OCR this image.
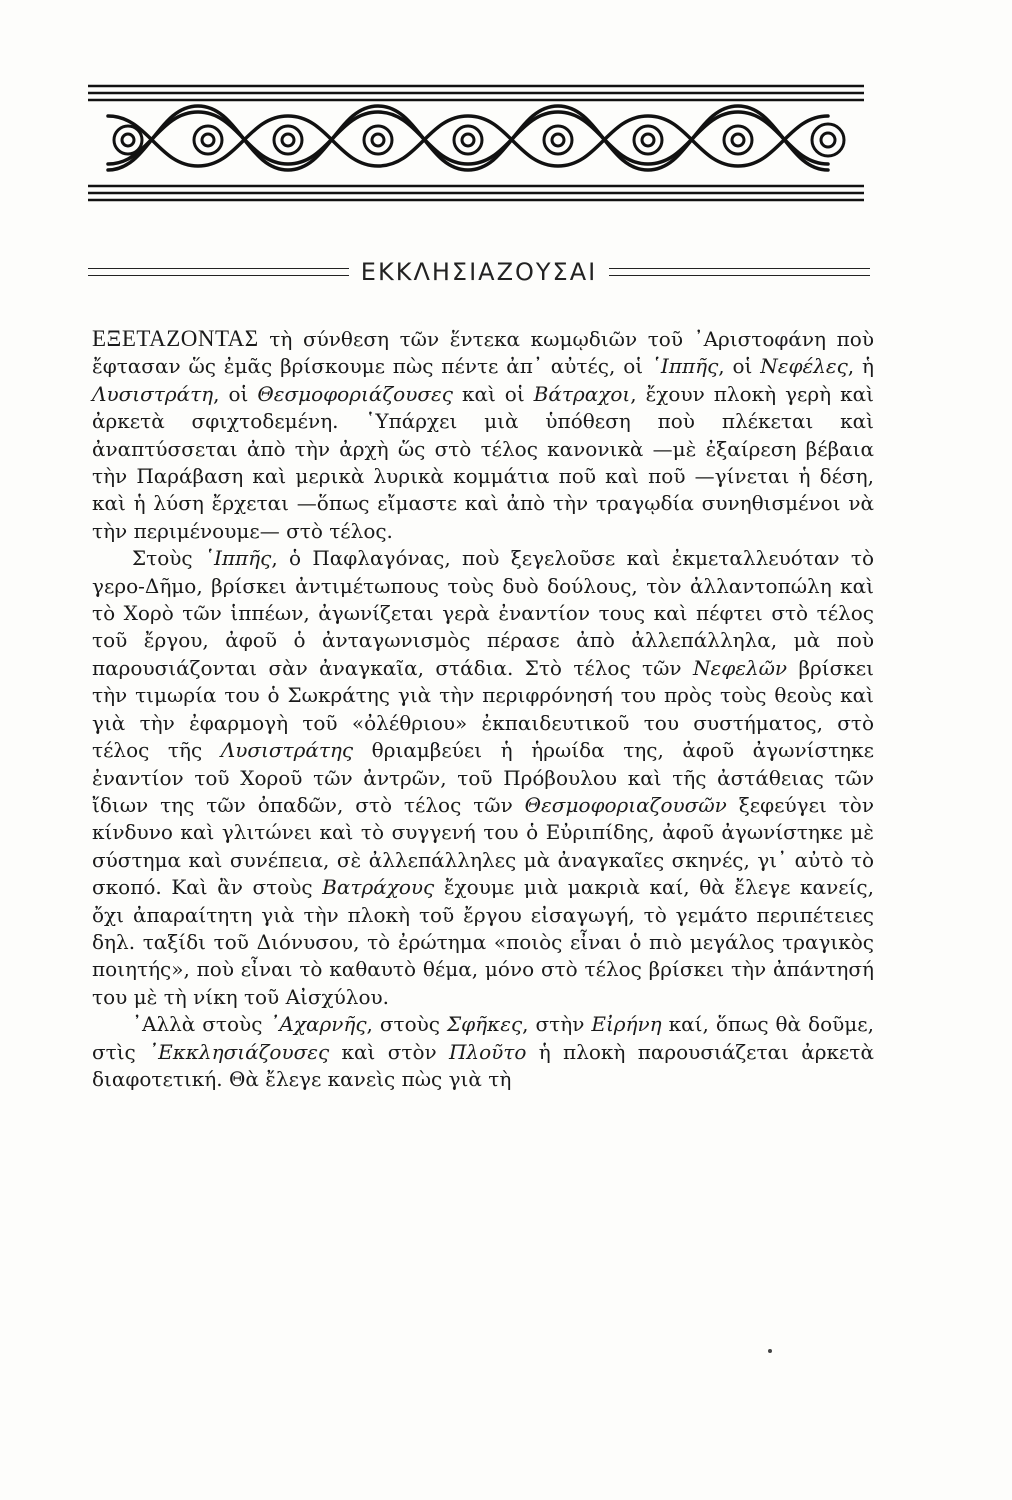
ΕΚΚΛΗΣΙΑΖΟΥΣΑΙ

ΕΞΕΤΑΖΟΝΤΑΣ τὴ σύνθεση τῶν ἕντεκα κωμῳδιῶν τοῦ ᾽Αριστοφάνη ποὺ ἔφτασαν ὥς ἐμᾶς βρίσκουμε πὼς πέντε ἀπ᾽ αὐτές, οἱ ῾Ιππῆς, οἱ Νεφέλες, ἡ Λυσιστράτη, οἱ Θεσμοφοριάζουσες καὶ οἱ Βάτραχοι, ἔχουν πλοκὴ γερὴ καὶ ἀρκετὰ σφιχτοδεμένη. ῾Υπάρχει μιὰ ὑπόθεση ποὺ πλέκεται καὶ ἀναπτύσσεται ἀπὸ τὴν ἀρχὴ ὥς στὸ τέλος κανονικὰ —μὲ ἐξαίρεση βέβαια τὴν Παράβαση καὶ μερικὰ λυρικὰ κομμάτια ποῦ καὶ ποῦ —γίνεται ἡ δέση, καὶ ἡ λύση ἔρχεται —ὅπως εἴμαστε καὶ ἀπὸ τὴν τραγῳδία συνηθισμένοι νὰ τὴν περιμένουμε— στὸ τέλος.

Στοὺς ῾Ιππῆς, ὁ Παφλαγόνας, ποὺ ξεγελοῦσε καὶ ἐκμεταλλευόταν τὸ γερο-Δῆμο, βρίσκει ἀντιμέτωπους τοὺς δυὸ δούλους, τὸν ἀλλαντοπώλη καὶ τὸ Χορὸ τῶν ἱππέων, ἀγωνίζεται γερὰ ἐναντίον τους καὶ πέφτει στὸ τέλος τοῦ ἔργου, ἀφοῦ ὁ ἀνταγωνισμὸς πέρασε ἀπὸ ἀλλεπάλληλα, μὰ ποὺ παρουσιάζονται σὰν ἀναγκαῖα, στάδια. Στὸ τέλος τῶν Νεφελῶν βρίσκει τὴν τιμωρία του ὁ Σωκράτης γιὰ τὴν περιφρόνησή του πρὸς τοὺς θεοὺς καὶ γιὰ τὴν ἐφαρμογὴ τοῦ «ὀλέθριου» ἐκπαιδευτικοῦ του συστήματος, στὸ τέλος τῆς Λυσιστράτης θριαμβεύει ἡ ἡρωίδα της, ἀφοῦ ἀγωνίστηκε ἐναντίον τοῦ Χοροῦ τῶν ἀντρῶν, τοῦ Πρόβουλου καὶ τῆς ἀστάθειας τῶν ἴδιων της τῶν ὀπαδῶν, στὸ τέλος τῶν Θεσμοφοριαζουσῶν ξεφεύγει τὸν κίνδυνο καὶ γλιτώνει καὶ τὸ συγγενή του ὁ Εὐριπίδης, ἀφοῦ ἀγωνίστηκε μὲ σύστημα καὶ συνέπεια, σὲ ἀλλεπάλληλες μὰ ἀναγκαῖες σκηνές, γι᾽ αὐτὸ τὸ σκοπό. Καὶ ἂν στοὺς Βατράχους ἔχουμε μιὰ μακριὰ καί, θὰ ἔλεγε κανείς, ὄχι ἀπαραίτητη γιὰ τὴν πλοκὴ τοῦ ἔργου εἰσαγωγή, τὸ γεμάτο περιπέτειες δηλ. ταξίδι τοῦ Διόνυσου, τὸ ἐρώτημα «ποιὸς εἶναι ὁ πιὸ μεγάλος τραγικὸς ποιητής», ποὺ εἶναι τὸ καθαυτὸ θέμα, μόνο στὸ τέλος βρίσκει τὴν ἀπάντησή του μὲ τὴ νίκη τοῦ Αἰσχύλου.

᾽Αλλὰ στοὺς ᾽Αχαρνῆς, στοὺς Σφῆκες, στὴν Εἰρήνη καί, ὅπως θὰ δοῦμε, στὶς ᾽Εκκλησιάζουσες καὶ στὸν Πλοῦτο ἡ πλοκὴ παρουσιάζεται ἀρκετὰ διαφοτετική. Θὰ ἔλεγε κανεὶς πὼς γιὰ τὴ
